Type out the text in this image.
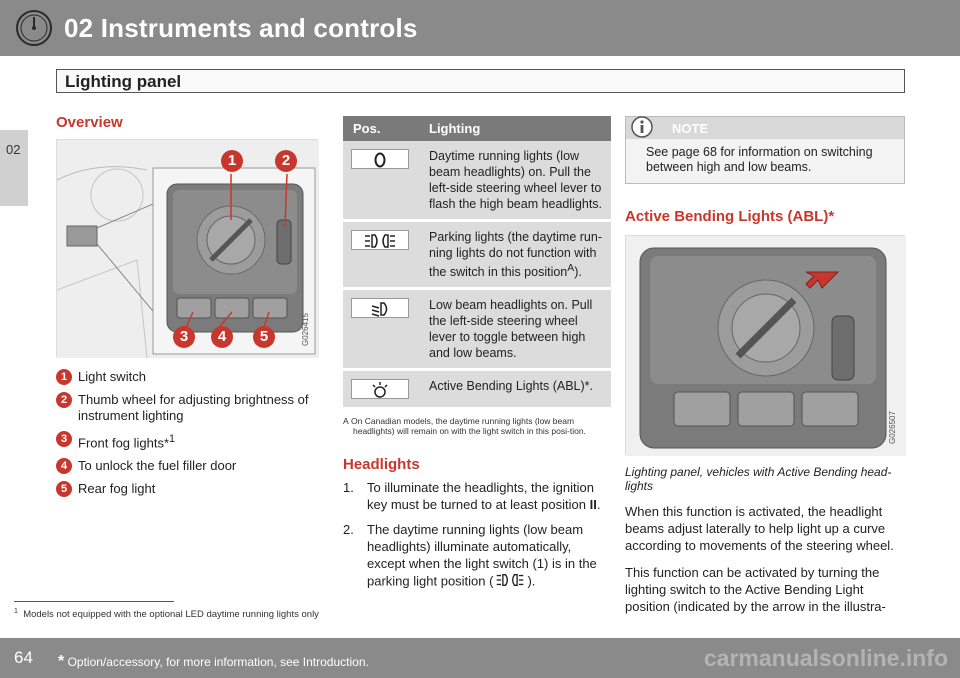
02 Instruments and controls
Lighting panel
02
Overview
1	2
3	4	5	G026415
1 Light switch
2 Thumb wheel for adjusting brightness of instrument lighting
3 Front fog lights*$^1$
4 To unlock the fuel filler door
5 Rear fog light
Pos.	Lighting

	Daytime running lights (low beam headlights) on. Pull the left-side steering wheel lever to flash the high beam headlights.

	Parking lights (the daytime run-ning lights do not function with the switch in this position$^A$).

	Low beam headlights on. Pull the left-side steering wheel lever to toggle between high and low beams.

	Active Bending Lights (ABL)*.
A On Canadian models, the daytime running lights (low beam headlights) will remain on with the light switch in this posi-tion.
Headlights
1. To illuminate the headlights, the ignition key must be turned to at least position II.
2. The daytime running lights (low beam headlights) illuminate automatically, except when the light switch (1) is in the parking light position (	).
NOTE
See page 68 for information on switching between high and low beams.
Active Bending Lights (ABL)*
G026507
Lighting panel, vehicles with Active Bending head-lights
When this function is activated, the headlight beams adjust laterally to help light up a curve according to movements of the steering wheel.
This function can be activated by turning the lighting switch to the Active Bending Light position (indicated by the arrow in the illustra-
$^1$ Models not equipped with the optional LED daytime running lights only
64 * Option/accessory, for more information, see Introduction.	carmanualsonline.info
